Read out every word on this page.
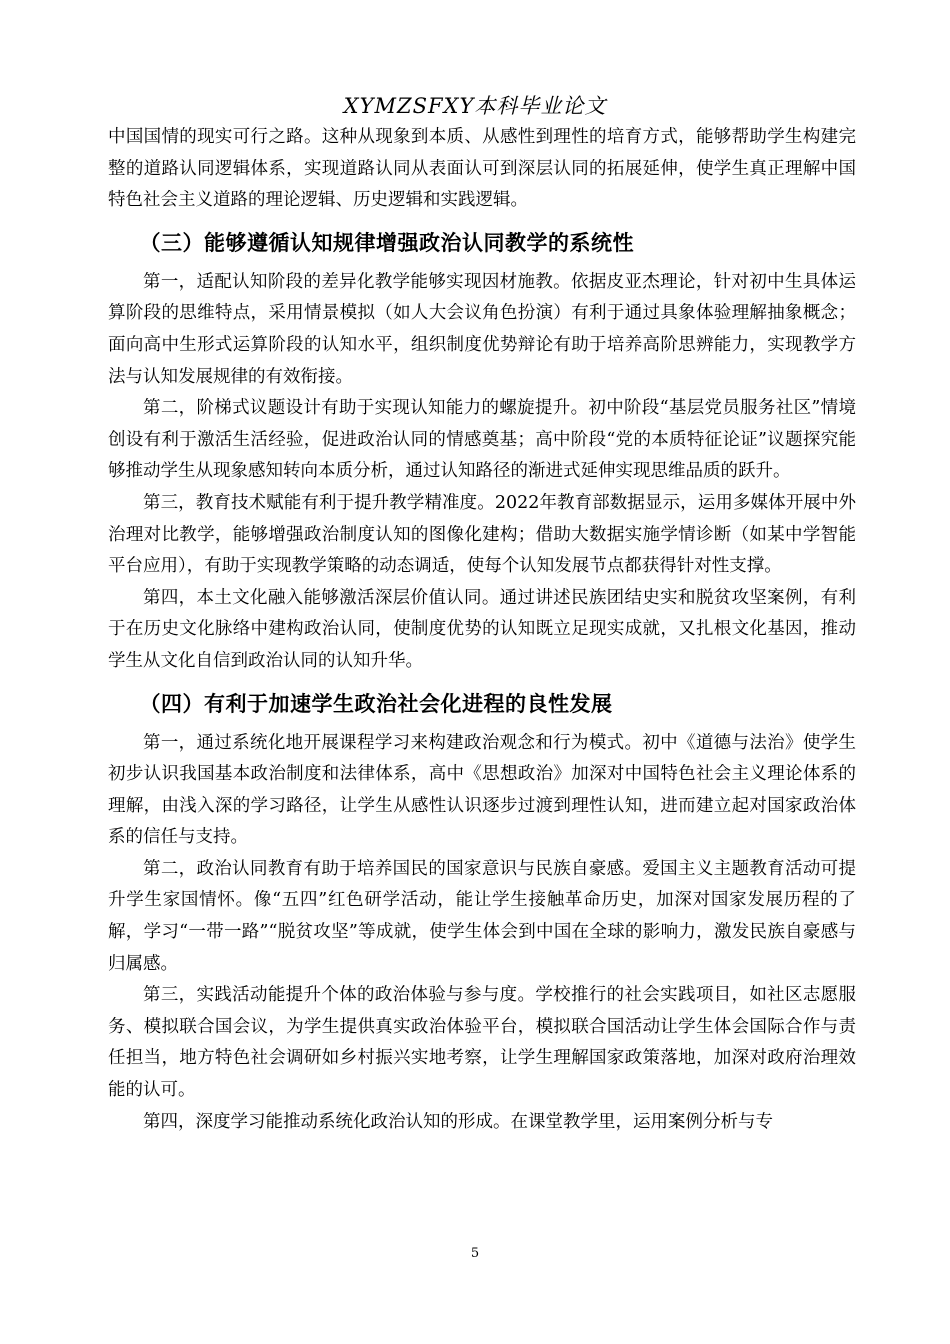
XYMZSFXY本科毕业论文

中国国情的现实可行之路。这种从现象到本质、从感性到理性的培育方式，能够帮助学生构建完整的道路认同逻辑体系，实现道路认同从表面认可到深层认同的拓展延伸，使学生真正理解中国特色社会主义道路的理论逻辑、历史逻辑和实践逻辑。

（三）能够遵循认知规律增强政治认同教学的系统性

第一，适配认知阶段的差异化教学能够实现因材施教。依据皮亚杰理论，针对初中生具体运算阶段的思维特点，采用情景模拟（如人大会议角色扮演）有利于通过具象体验理解抽象概念；面向高中生形式运算阶段的认知水平，组织制度优势辩论有助于培养高阶思辨能力，实现教学方法与认知发展规律的有效衔接。

第二，阶梯式议题设计有助于实现认知能力的螺旋提升。初中阶段“基层党员服务社区”情境创设有利于激活生活经验，促进政治认同的情感奠基；高中阶段“党的本质特征论证”议题探究能够推动学生从现象感知转向本质分析，通过认知路径的渐进式延伸实现思维品质的跃升。

第三，教育技术赋能有利于提升教学精准度。2022年教育部数据显示，运用多媒体开展中外治理对比教学，能够增强政治制度认知的图像化建构；借助大数据实施学情诊断（如某中学智能平台应用），有助于实现教学策略的动态调适，使每个认知发展节点都获得针对性支撑。

第四，本土文化融入能够激活深层价值认同。通过讲述民族团结史实和脱贫攻坚案例，有利于在历史文化脉络中建构政治认同，使制度优势的认知既立足现实成就，又扎根文化基因，推动学生从文化自信到政治认同的认知升华。

（四）有利于加速学生政治社会化进程的良性发展

第一，通过系统化地开展课程学习来构建政治观念和行为模式。初中《道德与法治》使学生初步认识我国基本政治制度和法律体系，高中《思想政治》加深对中国特色社会主义理论体系的理解，由浅入深的学习路径，让学生从感性认识逐步过渡到理性认知，进而建立起对国家政治体系的信任与支持。

第二，政治认同教育有助于培养国民的国家意识与民族自豪感。爱国主义主题教育活动可提升学生家国情怀。像“五四”红色研学活动，能让学生接触革命历史，加深对国家发展历程的了解，学习“一带一路”“脱贫攻坚”等成就，使学生体会到中国在全球的影响力，激发民族自豪感与归属感。

第三，实践活动能提升个体的政治体验与参与度。学校推行的社会实践项目，如社区志愿服务、模拟联合国会议，为学生提供真实政治体验平台，模拟联合国活动让学生体会国际合作与责任担当，地方特色社会调研如乡村振兴实地考察，让学生理解国家政策落地，加深对政府治理效能的认可。

第四，深度学习能推动系统化政治认知的形成。在课堂教学里，运用案例分析与专

5
